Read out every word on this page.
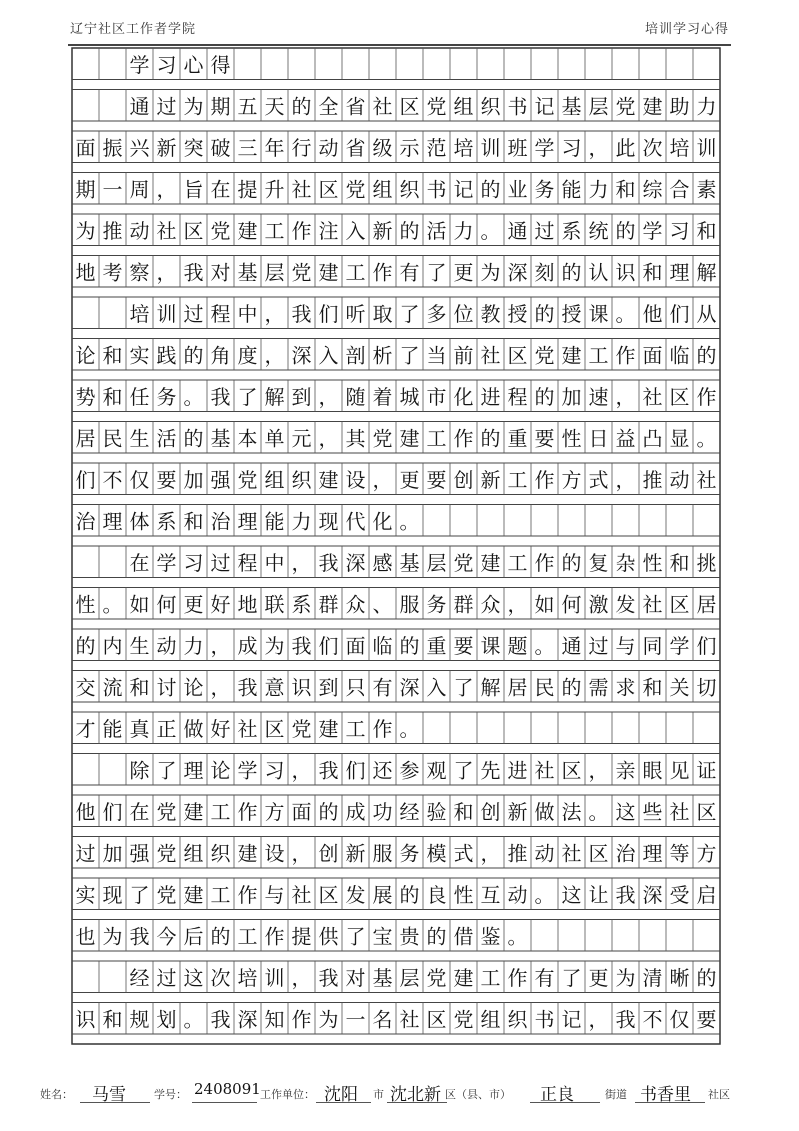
辽宁社区工作者学院	培训学习心得
学 习 心 得
通 过 为 期 五 天 的 全 省 社 区 党 组 织 书 记 基 层 党 建 助 力
面 振 兴 新 突 破 三 年 行 动 省 级 示 范 培 训 班 学 习 ， 此 次 培 训
期 一 周 ， 旨 在 提 升 社 区 党 组 织 书 记 的 业 务 能 力 和 综 合 素
为 推 动 社 区 党 建 工 作 注 入 新 的 活 力 。 通 过 系 统 的 学 习 和
地 考 察 ， 我 对 基 层 党 建 工 作 有 了 更 为 深 刻 的 认 识 和 理 解
培 训 过 程 中 ， 我 们 听 取 了 多 位 教 授 的 授 课 。 他 们 从
论 和 实 践 的 角 度 ， 深 入 剖 析 了 当 前 社 区 党 建 工 作 面 临 的
势 和 任 务 。 我 了 解 到 ， 随 着 城 市 化 进 程 的 加 速 ， 社 区 作
居 民 生 活 的 基 本 单 元 ， 其 党 建 工 作 的 重 要 性 日 益 凸 显 。
们 不 仅 要 加 强 党 组 织 建 设 ， 更 要 创 新 工 作 方 式 ， 推 动 社
治 理 体 系 和 治 理 能 力 现 代 化 。
在 学 习 过 程 中 ， 我 深 感 基 层 党 建 工 作 的 复 杂 性 和 挑
性 。 如 何 更 好 地 联 系 群 众 、 服 务 群 众 ， 如 何 激 发 社 区 居
的 内 生 动 力 ， 成 为 我 们 面 临 的 重 要 课 题 。 通 过 与 同 学 们
交 流 和 讨 论 ， 我 意 识 到 只 有 深 入 了 解 居 民 的 需 求 和 关 切
才 能 真 正 做 好 社 区 党 建 工 作 。
除 了 理 论 学 习 ， 我 们 还 参 观 了 先 进 社 区 ， 亲 眼 见 证
他 们 在 党 建 工 作 方 面 的 成 功 经 验 和 创 新 做 法 。 这 些 社 区
过 加 强 党 组 织 建 设 ， 创 新 服 务 模 式 ， 推 动 社 区 治 理 等 方
实 现 了 党 建 工 作 与 社 区 发 展 的 良 性 互 动 。 这 让 我 深 受 启
也 为 我 今 后 的 工 作 提 供 了 宝 贵 的 借 鉴 。
经 过 这 次 培 训 ， 我 对 基 层 党 建 工 作 有 了 更 为 清 晰 的
识 和 规 划 。 我 深 知 作 为 一 名 社 区 党 组 织 书 记 ， 我 不 仅 要
姓名： 马雪	学号： 2408091 工作单位： 沈阳 市 沈北新 区（县、市） 正良	街道 书香里 社区
